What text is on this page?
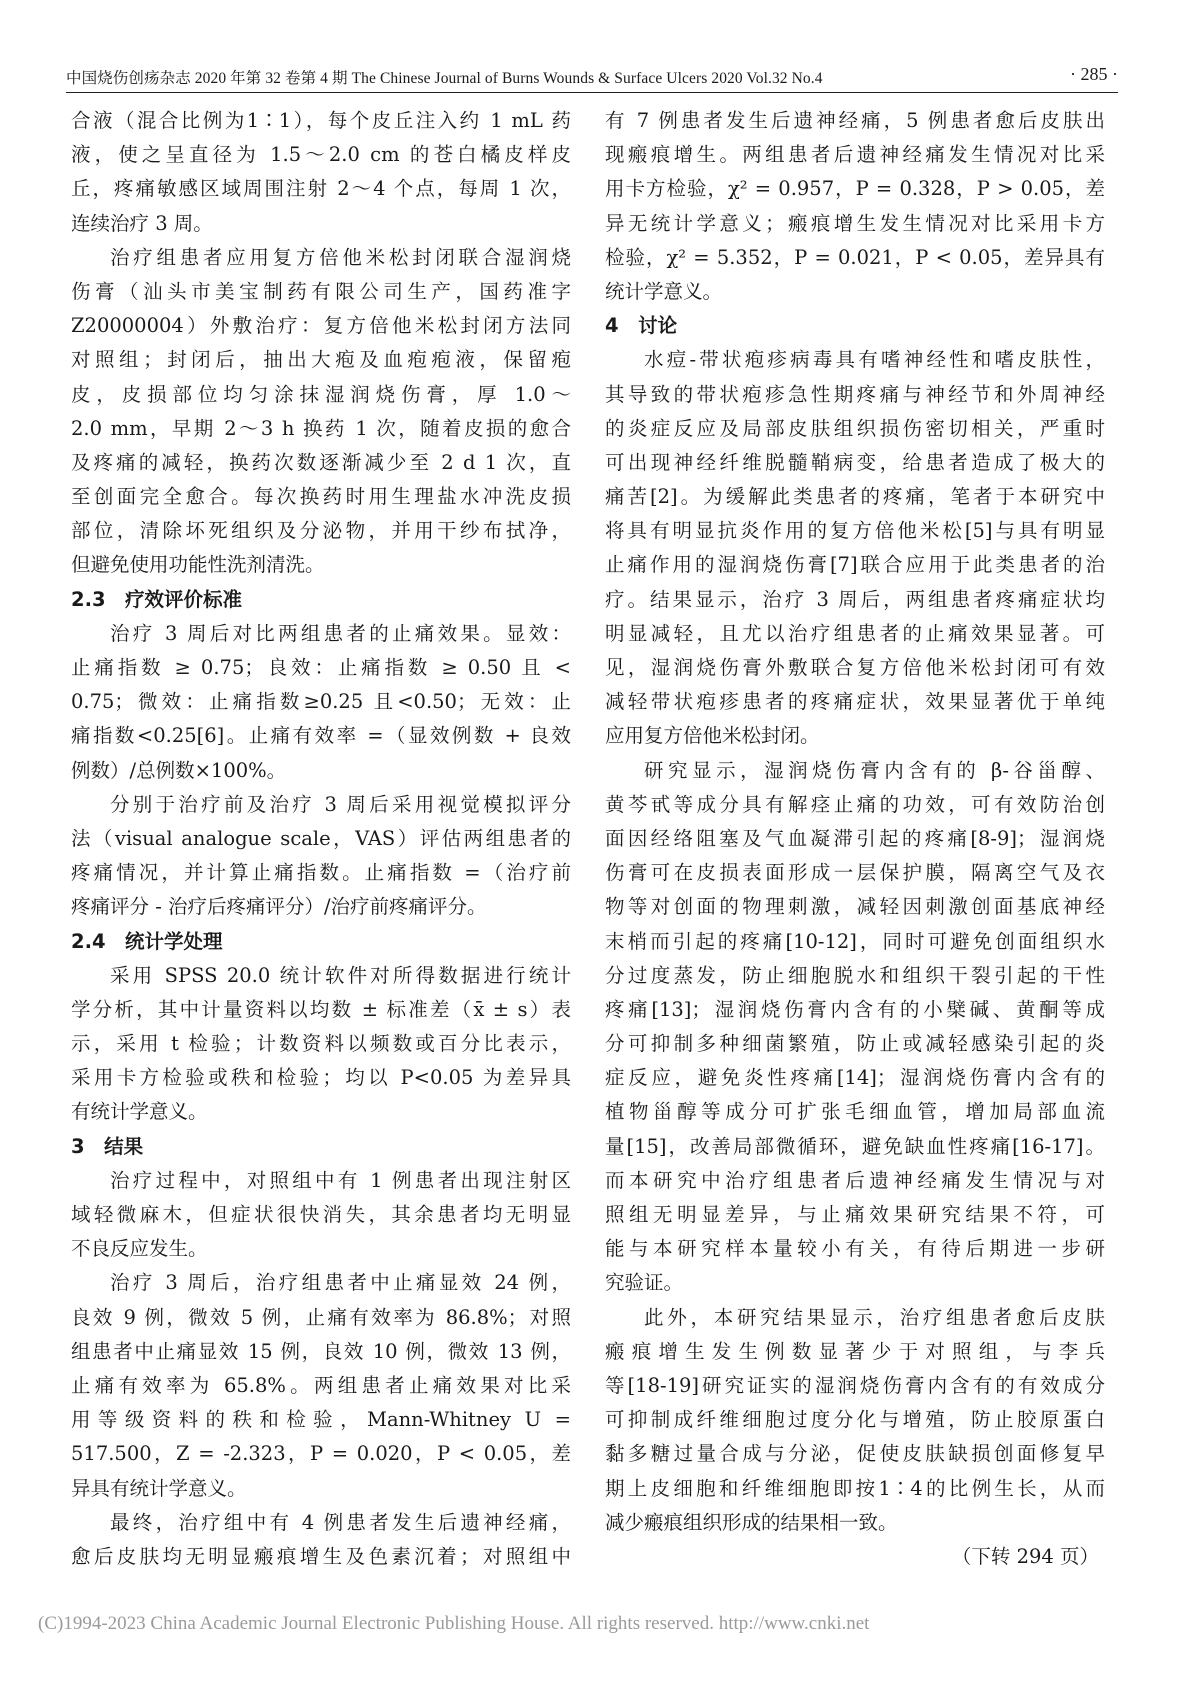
中国烧伤创疡杂志 2020 年第 32 卷第 4 期 The Chinese Journal of Burns Wounds & Surface Ulcers 2020 Vol.32 No.4	· 285 ·
合液（混合比例为1∶1），每个皮丘注入约 1 mL 药
液，使之呈直径为 1.5～2.0 cm 的苍白橘皮样皮
丘，疼痛敏感区域周围注射 2～4 个点，每周 1 次，
连续治疗 3 周。
治疗组患者应用复方倍他米松封闭联合湿润烧
伤膏（汕头市美宝制药有限公司生产，国药准字
Z20000004）外敷治疗：复方倍他米松封闭方法同
对照组；封闭后，抽出大疱及血疱疱液，保留疱
皮，皮损部位均匀涂抹湿润烧伤膏，厚 1.0～
2.0 mm，早期 2～3 h 换药 1 次，随着皮损的愈合
及疼痛的减轻，换药次数逐渐减少至 2 d 1 次，直
至创面完全愈合。每次换药时用生理盐水冲洗皮损
部位，清除坏死组织及分泌物，并用干纱布拭净，
但避免使用功能性洗剂清洗。
2.3　疗效评价标准
治疗 3 周后对比两组患者的止痛效果。显效：
止痛指数 ≥ 0.75；良效：止痛指数 ≥ 0.50 且 <
0.75；微效：止痛指数≥0.25 且<0.50；无效：止
痛指数<0.25[6]。止痛有效率 =（显效例数 + 良效
例数）/总例数×100%。
分别于治疗前及治疗 3 周后采用视觉模拟评分
法（visual analogue scale，VAS）评估两组患者的
疼痛情况，并计算止痛指数。止痛指数 =（治疗前
疼痛评分 - 治疗后疼痛评分）/治疗前疼痛评分。
2.4　统计学处理
采用 SPSS 20.0 统计软件对所得数据进行统计
学分析，其中计量资料以均数 ± 标准差（x̄ ± s）表
示，采用 t 检验；计数资料以频数或百分比表示，
采用卡方检验或秩和检验；均以 P<0.05 为差异具
有统计学意义。
3　结果
治疗过程中，对照组中有 1 例患者出现注射区
域轻微麻木，但症状很快消失，其余患者均无明显
不良反应发生。
治疗 3 周后，治疗组患者中止痛显效 24 例，
良效 9 例，微效 5 例，止痛有效率为 86.8%；对照
组患者中止痛显效 15 例，良效 10 例，微效 13 例，
止痛有效率为 65.8%。两组患者止痛效果对比采
用等级资料的秩和检验，Mann-Whitney U =
517.500，Z = -2.323，P = 0.020，P < 0.05，差
异具有统计学意义。
最终，治疗组中有 4 例患者发生后遗神经痛，
愈后皮肤均无明显瘢痕增生及色素沉着；对照组中
有 7 例患者发生后遗神经痛，5 例患者愈后皮肤出
现瘢痕增生。两组患者后遗神经痛发生情况对比采
用卡方检验，χ² = 0.957，P = 0.328，P > 0.05，差
异无统计学意义；瘢痕增生发生情况对比采用卡方
检验，χ² = 5.352，P = 0.021，P < 0.05，差异具有
统计学意义。
4　讨论
水痘-带状疱疹病毒具有嗜神经性和嗜皮肤性，
其导致的带状疱疹急性期疼痛与神经节和外周神经
的炎症反应及局部皮肤组织损伤密切相关，严重时
可出现神经纤维脱髓鞘病变，给患者造成了极大的
痛苦[2]。为缓解此类患者的疼痛，笔者于本研究中
将具有明显抗炎作用的复方倍他米松[5]与具有明显
止痛作用的湿润烧伤膏[7]联合应用于此类患者的治
疗。结果显示，治疗 3 周后，两组患者疼痛症状均
明显减轻，且尤以治疗组患者的止痛效果显著。可
见，湿润烧伤膏外敷联合复方倍他米松封闭可有效
减轻带状疱疹患者的疼痛症状，效果显著优于单纯
应用复方倍他米松封闭。
研究显示，湿润烧伤膏内含有的 β-谷甾醇、
黄芩甙等成分具有解痉止痛的功效，可有效防治创
面因经络阻塞及气血凝滞引起的疼痛[8-9]；湿润烧
伤膏可在皮损表面形成一层保护膜，隔离空气及衣
物等对创面的物理刺激，减轻因刺激创面基底神经
末梢而引起的疼痛[10-12]，同时可避免创面组织水
分过度蒸发，防止细胞脱水和组织干裂引起的干性
疼痛[13]；湿润烧伤膏内含有的小檗碱、黄酮等成
分可抑制多种细菌繁殖，防止或减轻感染引起的炎
症反应，避免炎性疼痛[14]；湿润烧伤膏内含有的
植物甾醇等成分可扩张毛细血管，增加局部血流
量[15]，改善局部微循环，避免缺血性疼痛[16-17]。
而本研究中治疗组患者后遗神经痛发生情况与对
照组无明显差异，与止痛效果研究结果不符，可
能与本研究样本量较小有关，有待后期进一步研
究验证。
此外，本研究结果显示，治疗组患者愈后皮肤
瘢痕增生发生例数显著少于对照组，与李兵
等[18-19]研究证实的湿润烧伤膏内含有的有效成分
可抑制成纤维细胞过度分化与增殖，防止胶原蛋白
黏多糖过量合成与分泌，促使皮肤缺损创面修复早
期上皮细胞和纤维细胞即按1∶4的比例生长，从而
减少瘢痕组织形成的结果相一致。
（下转 294 页）
(C)1994-2023 China Academic Journal Electronic Publishing House. All rights reserved. http://www.cnki.net
